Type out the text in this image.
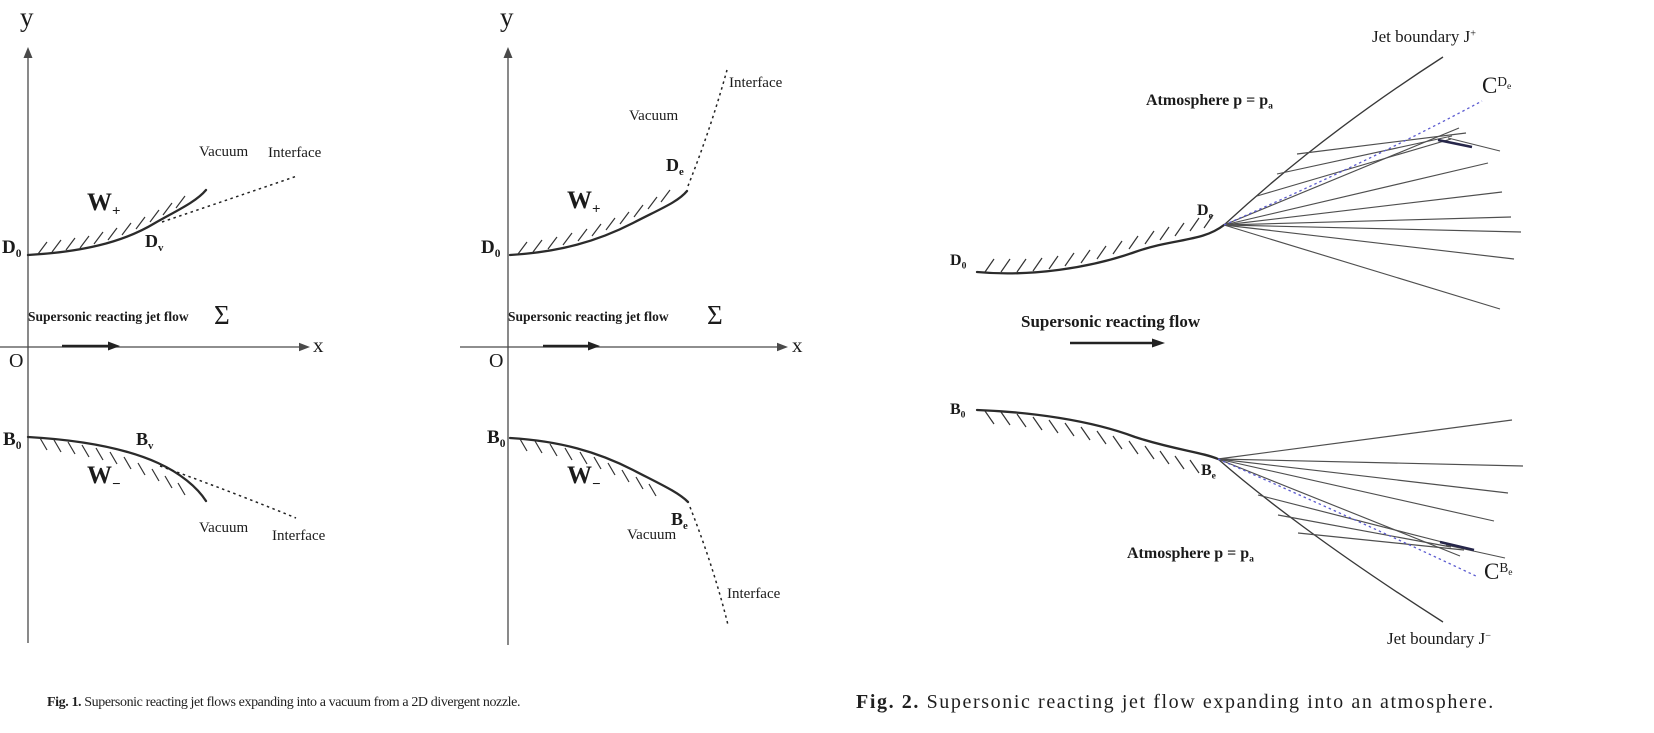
y
x
O
Vacuum Interface
$W_+$
$D_0$
$D_v$
Supersonic reacting jet flow Σ
$B_0$	$B_v$
$W_-$
Vacuum Interface
y
x
O
Vacuum
Interface
$W_+$
$D_0$
$D_e$
Supersonic reacting jet flow Σ
$B_0$
$B_e$
$W_-$
Vacuum
Interface
Jet boundary J+
Atmosphere $p = p_a$
CDe
$D_e$
$D_0$
Supersonic reacting flow
$B_0$
$B_e$
Atmosphere $p = p_a$
$C^{B_e}$
Jet boundary J−
Fig. 1. Supersonic reacting jet flows expanding into a vacuum from a 2D divergent nozzle.	Fig. 2. Supersonic reacting jet flow expanding into an atmosphere.
